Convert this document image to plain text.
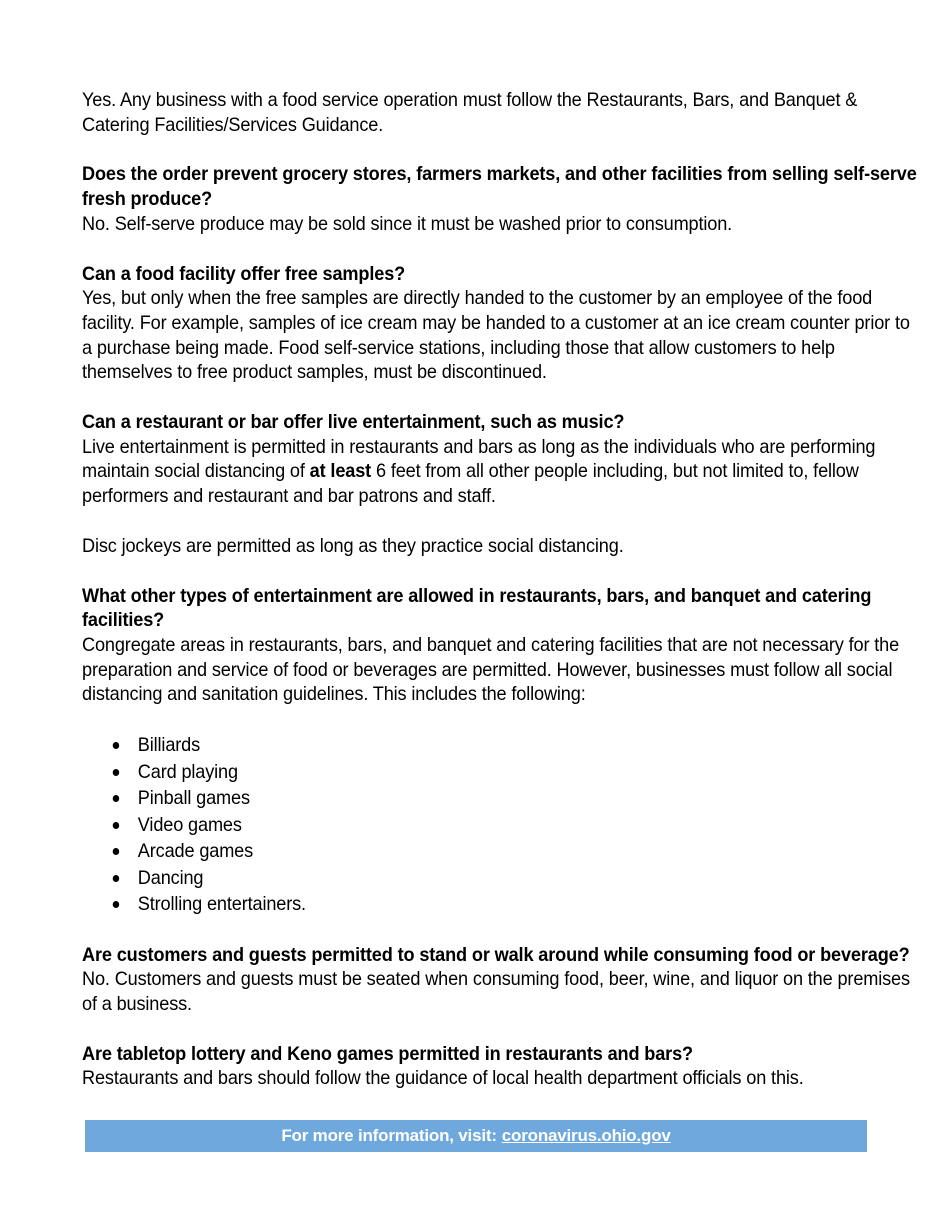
Yes. Any business with a food service operation must follow the Restaurants, Bars, and Banquet & Catering Facilities/Services Guidance.

Does the order prevent grocery stores, farmers markets, and other facilities from selling self-serve fresh produce?

No. Self-serve produce may be sold since it must be washed prior to consumption.

Can a food facility offer free samples?

Yes, but only when the free samples are directly handed to the customer by an employee of the food facility. For example, samples of ice cream may be handed to a customer at an ice cream counter prior to a purchase being made. Food self-service stations, including those that allow customers to help themselves to free product samples, must be discontinued.

Can a restaurant or bar offer live entertainment, such as music?

Live entertainment is permitted in restaurants and bars as long as the individuals who are performing maintain social distancing of at least 6 feet from all other people including, but not limited to, fellow performers and restaurant and bar patrons and staff.

Disc jockeys are permitted as long as they practice social distancing.

What other types of entertainment are allowed in restaurants, bars, and banquet and catering facilities?

Congregate areas in restaurants, bars, and banquet and catering facilities that are not necessary for the preparation and service of food or beverages are permitted. However, businesses must follow all social distancing and sanitation guidelines. This includes the following:

Billiards
Card playing
Pinball games
Video games
Arcade games
Dancing
Strolling entertainers.

Are customers and guests permitted to stand or walk around while consuming food or beverage?

No. Customers and guests must be seated when consuming food, beer, wine, and liquor on the premises of a business.

Are tabletop lottery and Keno games permitted in restaurants and bars?

Restaurants and bars should follow the guidance of local health department officials on this.

For more information, visit: coronavirus.ohio.gov
